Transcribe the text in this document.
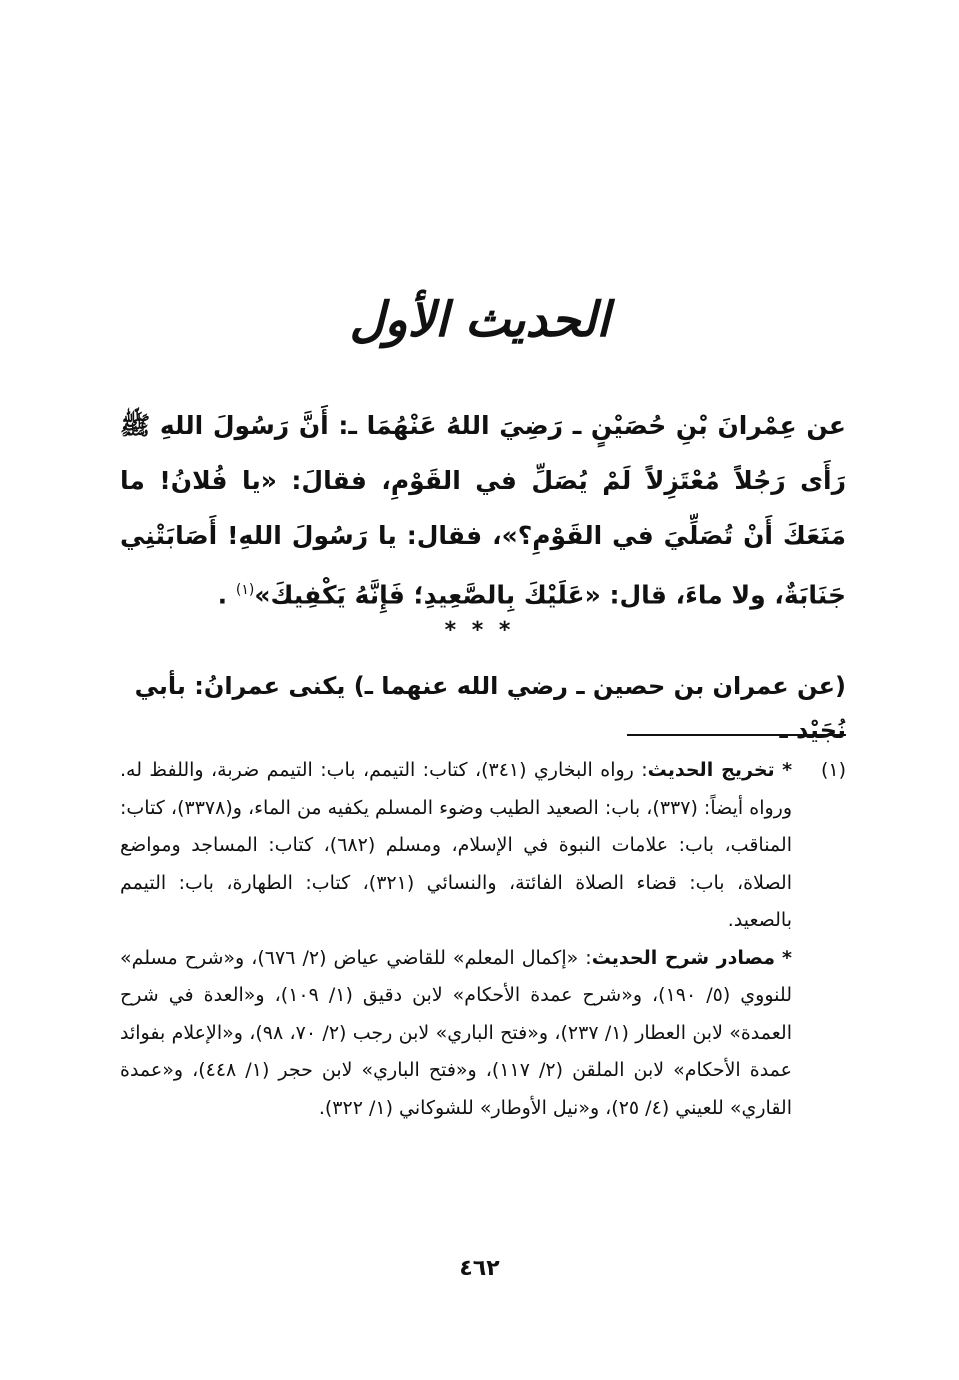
الحديث الأول
عن عِمْرانَ بْنِ حُصَيْنٍ ـ رَضِيَ اللهُ عَنْهُمَا ـ: أَنَّ رَسُولَ اللهِ ﷺ رَأَى رَجُلاً مُعْتَزِلاً لَمْ يُصَلِّ في القَوْمِ، فقالَ: «يا فُلانُ! ما مَنَعَكَ أَنْ تُصَلِّيَ في القَوْمِ؟»، فقال: يا رَسُولَ اللهِ! أَصَابَتْنِي جَنَابَةٌ، ولا ماءَ، قال: «عَلَيْكَ بِالصَّعِيدِ؛ فَإِنَّهُ يَكْفِيكَ»$^{(١)}$ .
* * *
(عن عمران بن حصين ـ رضي الله عنهما ـ) يكنى عمرانُ: بأبي نُجَيْد ـ
(١)
* تخريج الحديث: رواه البخاري (٣٤١)، كتاب: التيمم، باب: التيمم ضربة، واللفظ له. ورواه أيضاً: (٣٣٧)، باب: الصعيد الطيب وضوء المسلم يكفيه من الماء، و(٣٣٧٨)، كتاب: المناقب، باب: علامات النبوة في الإسلام، ومسلم (٦٨٢)، كتاب: المساجد ومواضع الصلاة، باب: قضاء الصلاة الفائتة، والنسائي (٣٢١)، كتاب: الطهارة، باب: التيمم بالصعيد.
* مصادر شرح الحديث: «إكمال المعلم» للقاضي عياض (٢/ ٦٧٦)، و«شرح مسلم» للنووي (٥/ ١٩٠)، و«شرح عمدة الأحكام» لابن دقيق (١/ ١٠٩)، و«العدة في شرح العمدة» لابن العطار (١/ ٢٣٧)، و«فتح الباري» لابن رجب (٢/ ٧٠، ٩٨)، و«الإعلام بفوائد عمدة الأحكام» لابن الملقن (٢/ ١١٧)، و«فتح الباري» لابن حجر (١/ ٤٤٨)، و«عمدة القاري» للعيني (٤/ ٢٥)، و«نيل الأوطار» للشوكاني (١/ ٣٢٢).
٤٦٢
